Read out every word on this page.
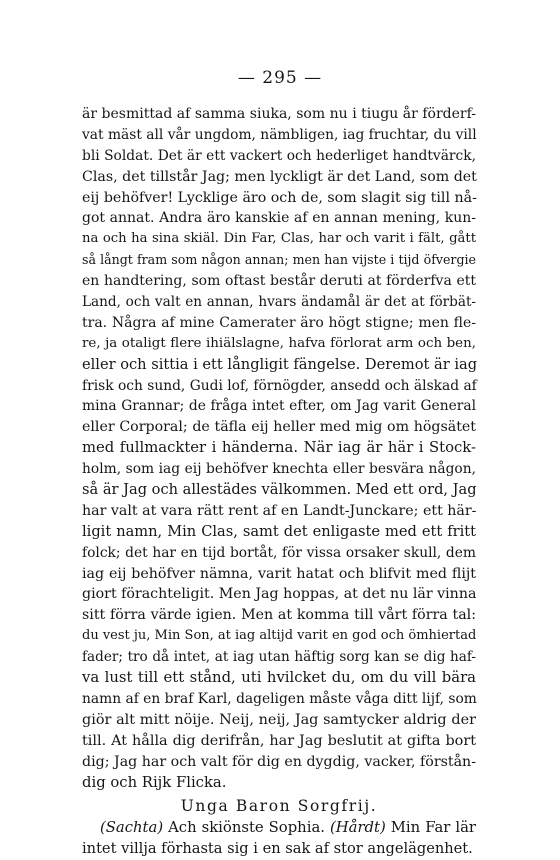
— 295 —
är besmittad af samma siuka, som nu i tiugu år förderf-
vat mäst all vår ungdom, nämbligen, iag fruchtar, du vill
bli Soldat. Det är ett vackert och hederliget handtvärck,
Clas, det tillstår Jag; men lyckligt är det Land, som det
eij behöfver! Lycklige äro och de, som slagit sig till nå-
got annat. Andra äro kanskie af en annan mening, kun-
na och ha sina skiäl. Din Far, Clas, har och varit i fält, gått
så långt fram som någon annan; men han vijste i tijd öfvergie
en handtering, som oftast består deruti at förderfva ett
Land, och valt en annan, hvars ändamål är det at förbät-
tra. Några af mine Camerater äro högt stigne; men fle-
re, ja otaligt flere ihiälslagne, hafva förlorat arm och ben,
eller och sittia i ett långligit fängelse. Deremot är iag
frisk och sund, Gudi lof, förnögder, ansedd och älskad af
mina Grannar; de fråga intet efter, om Jag varit General
eller Corporal; de täfla eij heller med mig om högsätet
med fullmackter i händerna. När iag är här i Stock-
holm, som iag eij behöfver knechta eller besvära någon,
så är Jag och allestädes välkommen. Med ett ord, Jag
har valt at vara rätt rent af en Landt-Junckare; ett här-
ligit namn, Min Clas, samt det enligaste med ett fritt
folck; det har en tijd bortåt, för vissa orsaker skull, dem
iag eij behöfver nämna, varit hatat och blifvit med flijt
giort förachteligit. Men Jag hoppas, at det nu lär vinna
sitt förra värde igien. Men at komma till vårt förra tal:
du vest ju, Min Son, at iag altijd varit en god och ömhiertad
fader; tro då intet, at iag utan häftig sorg kan se dig haf-
va lust till ett stånd, uti hvilcket du, om du vill bära
namn af en braf Karl, dageligen måste våga ditt lijf, som
giör alt mitt nöije. Neij, neij, Jag samtycker aldrig der
till. At hålla dig derifrån, har Jag beslutit at gifta bort
dig; Jag har och valt för dig en dygdig, vacker, förstån-
dig och Rijk Flicka.
Unga Baron Sorgfrij.
(Sachta) Ach skiönste Sophia. (Hårdt) Min Far lär
intet villja förhasta sig i en sak af stor angelägenhet.
